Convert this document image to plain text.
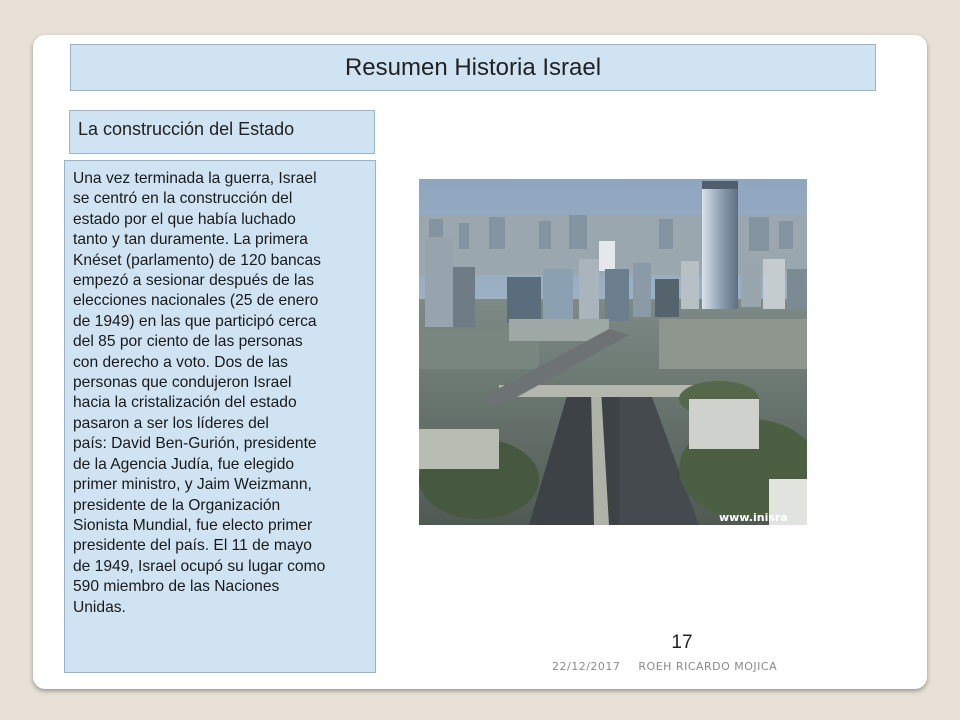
Resumen Historia Israel
La construcción del Estado

Una vez terminada la guerra, Israel
se centró en la construcción del
estado por el que había luchado
tanto y tan duramente. La primera
Knéset (parlamento) de 120 bancas
empezó a sesionar después de las
elecciones nacionales (25 de enero
de 1949) en las que participó cerca
del 85 por ciento de las personas
con derecho a voto. Dos de las
personas que condujeron Israel
hacia la cristalización del estado
pasaron a ser los líderes del
país: David Ben-Gurión, presidente
de la Agencia Judía, fue elegido
primer ministro, y Jaim Weizmann,
presidente de la Organización
Sionista Mundial, fue electo primer
presidente del país. El 11 de mayo
de 1949, Israel ocupó su lugar como
590 miembro de las Naciones
Unidas.

www.inisra
17
22/12/2017 ROEH RICARDO MOJICA
